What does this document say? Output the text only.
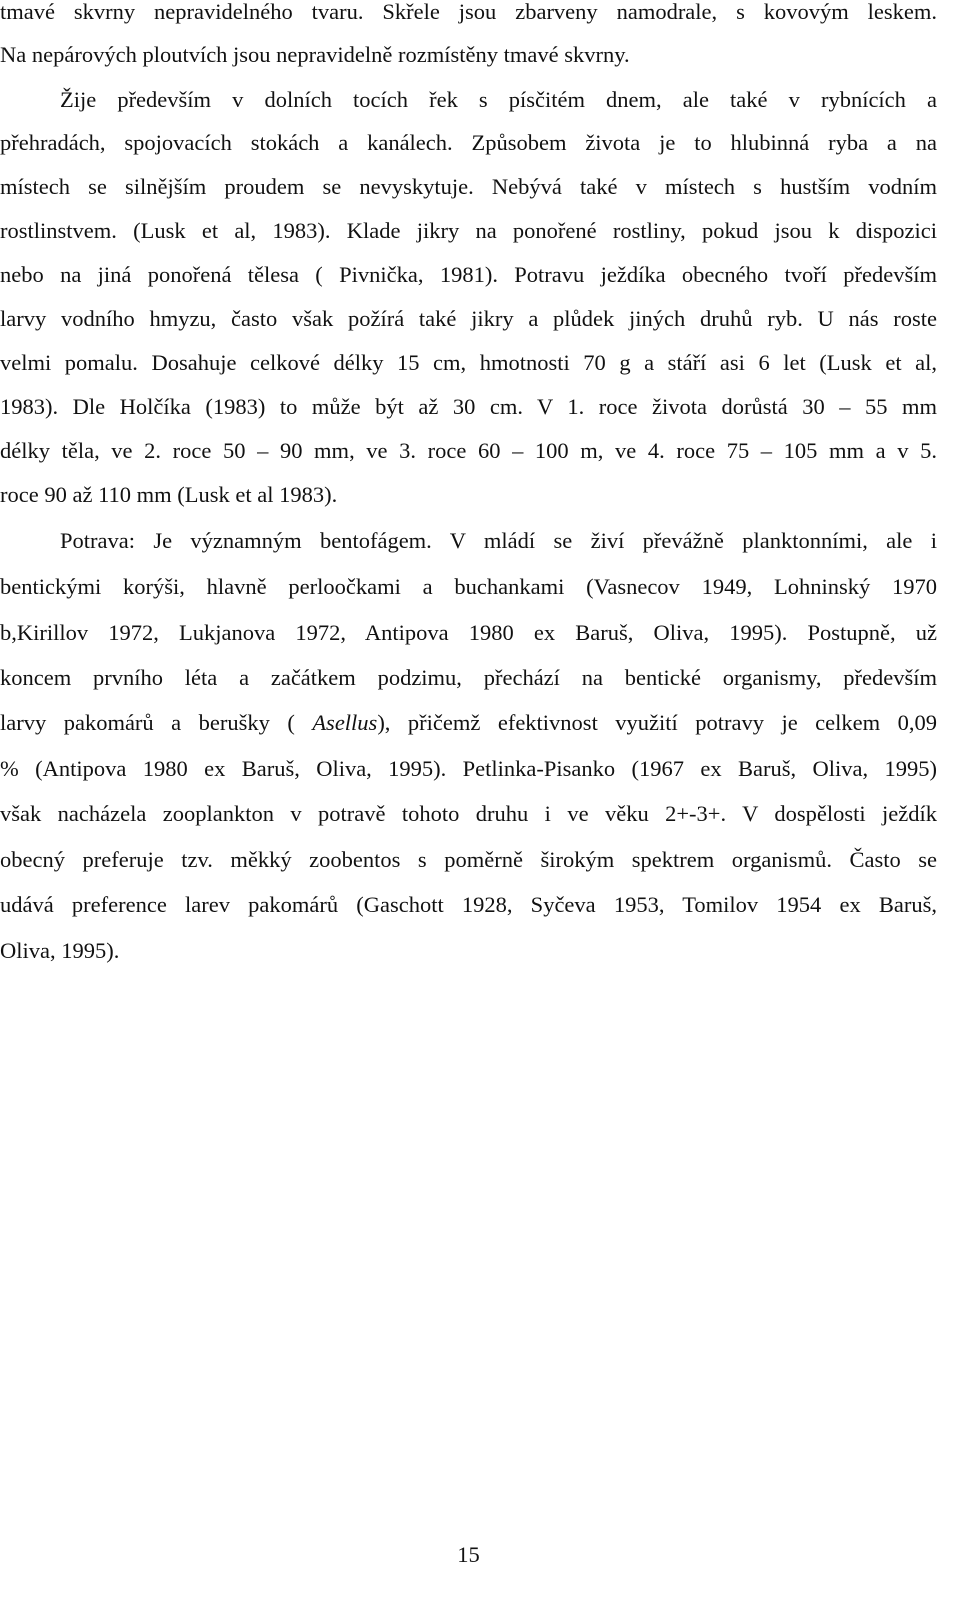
tmavé skvrny nepravidelného tvaru. Skřele jsou zbarveny namodrale, s kovovým leskem.
Na nepárových ploutvích jsou nepravidelně rozmístěny tmavé skvrny.
Žije především v dolních tocích řek s písčitém dnem, ale také v rybnících a
přehradách, spojovacích stokách a kanálech. Způsobem života je to hlubinná ryba a na
místech se silnějším proudem se nevyskytuje. Nebývá také v místech s hustším vodním
rostlinstvem. (Lusk et al, 1983). Klade jikry na ponořené rostliny, pokud jsou k dispozici
nebo na jiná ponořená tělesa ( Pivnička, 1981). Potravu ježdíka obecného tvoří především
larvy vodního hmyzu, často však požírá také jikry a plůdek jiných druhů ryb. U nás roste
velmi pomalu. Dosahuje celkové délky 15 cm, hmotnosti 70 g a stáří asi 6 let (Lusk et al,
1983). Dle Holčíka (1983) to může být až 30 cm. V 1. roce života dorůstá 30 – 55 mm
délky těla, ve 2. roce 50 – 90 mm, ve 3. roce 60 – 100 m, ve 4. roce 75 – 105 mm a v 5.
roce 90 až 110 mm (Lusk et al 1983).
Potrava: Je významným bentofágem. V mládí se živí převážně planktonními, ale i
bentickými korýši, hlavně perloočkami a buchankami (Vasnecov 1949, Lohninský 1970
b,Kirillov 1972, Lukjanova 1972, Antipova 1980 ex Baruš, Oliva, 1995). Postupně, už
koncem prvního léta a začátkem podzimu, přechází na bentické organismy, především
larvy pakomárů a berušky ( Asellus), přičemž efektivnost využití potravy je celkem 0,09
% (Antipova 1980 ex Baruš, Oliva, 1995). Petlinka-Pisanko (1967 ex Baruš, Oliva, 1995)
však nacházela zooplankton v potravě tohoto druhu i ve věku 2+-3+. V dospělosti ježdík
obecný preferuje tzv. měkký zoobentos s poměrně širokým spektrem organismů. Často se
udává preference larev pakomárů (Gaschott 1928, Syčeva 1953, Tomilov 1954 ex Baruš,
Oliva, 1995).
15
